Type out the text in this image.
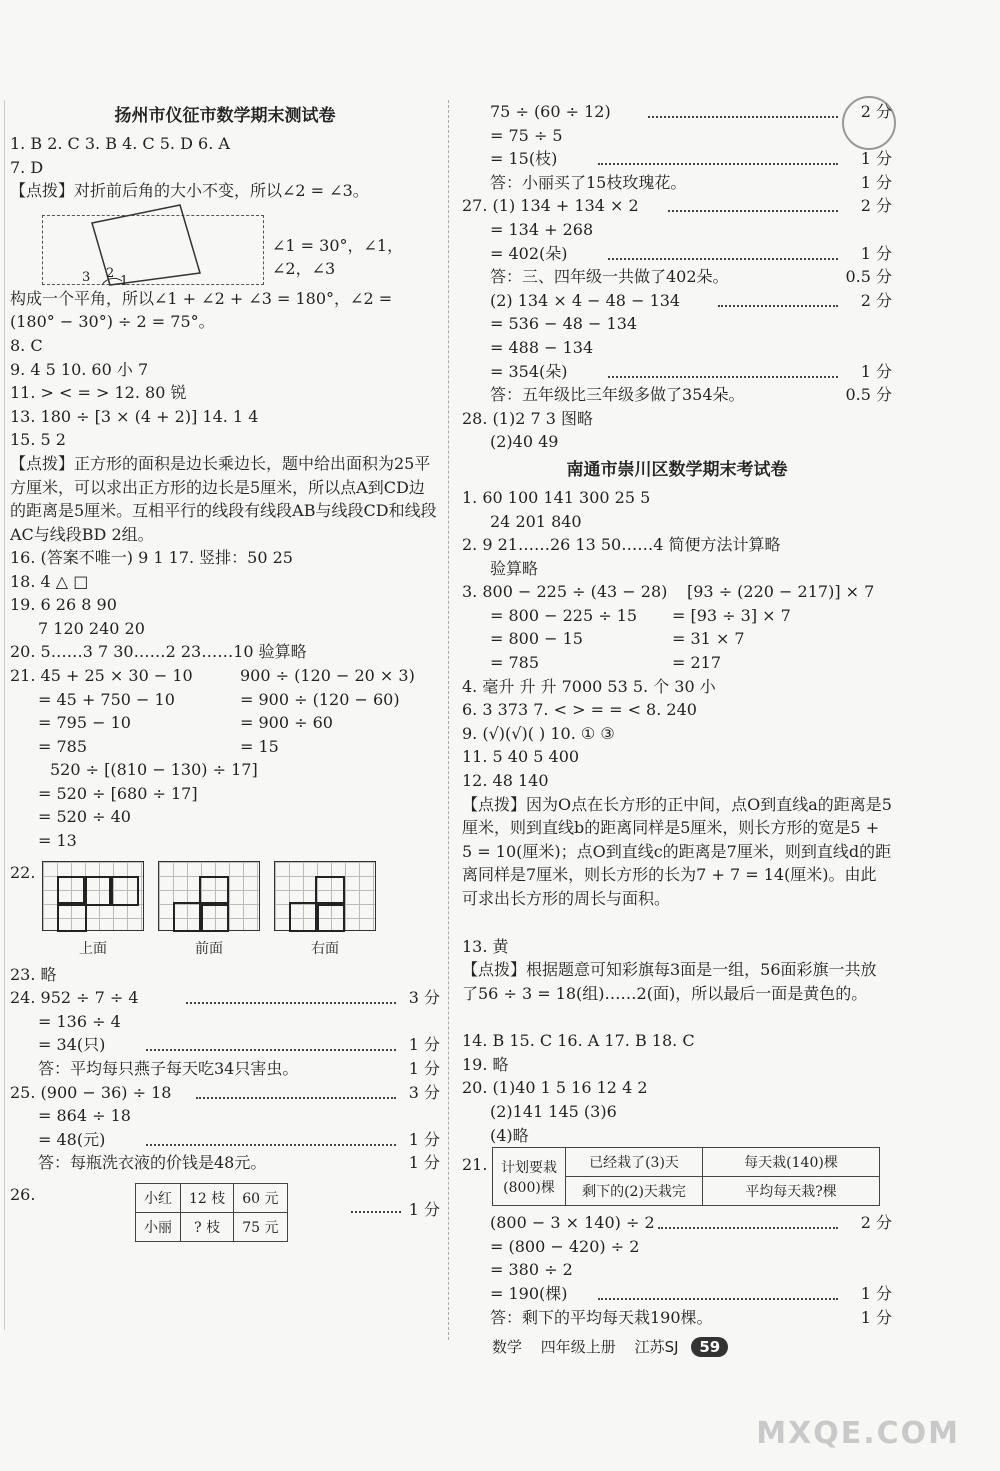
扬州市仪征市数学期末测试卷
1. B 2. C 3. B 4. C 5. D 6. A
7. D
【点拨】对折前后角的大小不变，所以∠2 = ∠3。
3 2
1
∠1 = 30°，∠1，∠2，∠3
构成一个平角，所以∠1 + ∠2 + ∠3 = 180°，∠2 =
(180° − 30°) ÷ 2 = 75°。
8. C
9. 4 5 10. 60 小 7
11. > < = > 12. 80 锐
13. 180 ÷ [3 × (4 + 2)] 14. 1 4
15. 5 2
【点拨】正方形的面积是边长乘边长，题中给出面积为25平方厘米，可以求出正方形的边长是5厘米，所以点A到CD边的距离是5厘米。互相平行的线段有线段AB与线段CD和线段AC与线段BD 2组。
16. (答案不唯一) 9 1 17. 竖排：50 25
18. 4 △ □
19. 6 26 8 90
7 120 240 20
20. 5……3 7 30……2 23……10 验算略
21. 45 + 25 × 30 − 10	900 ÷ (120 − 20 × 3)
= 45 + 750 − 10	= 900 ÷ (120 − 60)
= 795 − 10	= 900 ÷ 60
= 785	= 15
520 ÷ [(810 − 130) ÷ 17]
= 520 ÷ [680 ÷ 17]
= 520 ÷ 40
= 13
22.
上面	前面	右面
23. 略
24. 952 ÷ 7 ÷ 4	3 分
= 136 ÷ 4
= 34(只)	1 分
答：平均每只燕子每天吃34只害虫。	1 分
25. (900 − 36) ÷ 18	3 分
= 864 ÷ 18
= 48(元)	1 分
答：每瓶洗衣液的价钱是48元。	1 分
26.	小红	12 枝	60 元
小丽	? 枝	75 元
1 分
75 ÷ (60 ÷ 12)	2 分
= 75 ÷ 5
= 15(枝)	1 分
答：小丽买了15枝玫瑰花。	1 分
27. (1) 134 + 134 × 2	2 分
= 134 + 268
= 402(朵)	1 分
答：三、四年级一共做了402朵。	0.5 分
(2) 134 × 4 − 48 − 134	2 分
= 536 − 48 − 134
= 488 − 134
= 354(朵)	1 分
答：五年级比三年级多做了354朵。	0.5 分
28. (1)2 7 3 图略
(2)40 49
南通市崇川区数学期末考试卷
1. 60 100 141 300 25 5
24 201 840
2. 9 21……26 13 50……4 简便方法计算略
验算略
3. 800 − 225 ÷ (43 − 28) [93 ÷ (220 − 217)] × 7
= 800 − 225 ÷ 15 = [93 ÷ 3] × 7
= 800 − 15	= 31 × 7
= 785	= 217
4. 毫升 升 升 7000 53 5. 个 30 小
6. 3 373 7. < > = = < 8. 240
9. (√)(√)( ) 10. ① ③
11. 5 40 5 400
12. 48 140
【点拨】因为O点在长方形的正中间，点O到直线a的距离是5厘米，则到直线b的距离同样是5厘米，则长方形的宽是5 + 5 = 10(厘米)；点O到直线c的距离是7厘米，则到直线d的距离同样是7厘米，则长方形的长为7 + 7 = 14(厘米)。由此可求出长方形的周长与面积。
13. 黄
【点拨】根据题意可知彩旗每3面是一组，56面彩旗一共放了56 ÷ 3 = 18(组)……2(面)，所以最后一面是黄色的。
14. B 15. C 16. A 17. B 18. C
19. 略
20. (1)40 1 5 16 12 4 2
(2)141 145 (3)6
(4)略
21. 计划要栽(800)棵	已经栽了(3)天	每天栽(140)棵
	剩下的(2)天栽完	平均每天栽?棵
(800 − 3 × 140) ÷ 2	2 分
= (800 − 420) ÷ 2
= 380 ÷ 2
= 190(棵)	1 分
答：剩下的平均每天栽190棵。	1 分
数学 四年级上册 江苏SJ 59
MXQE.COM
